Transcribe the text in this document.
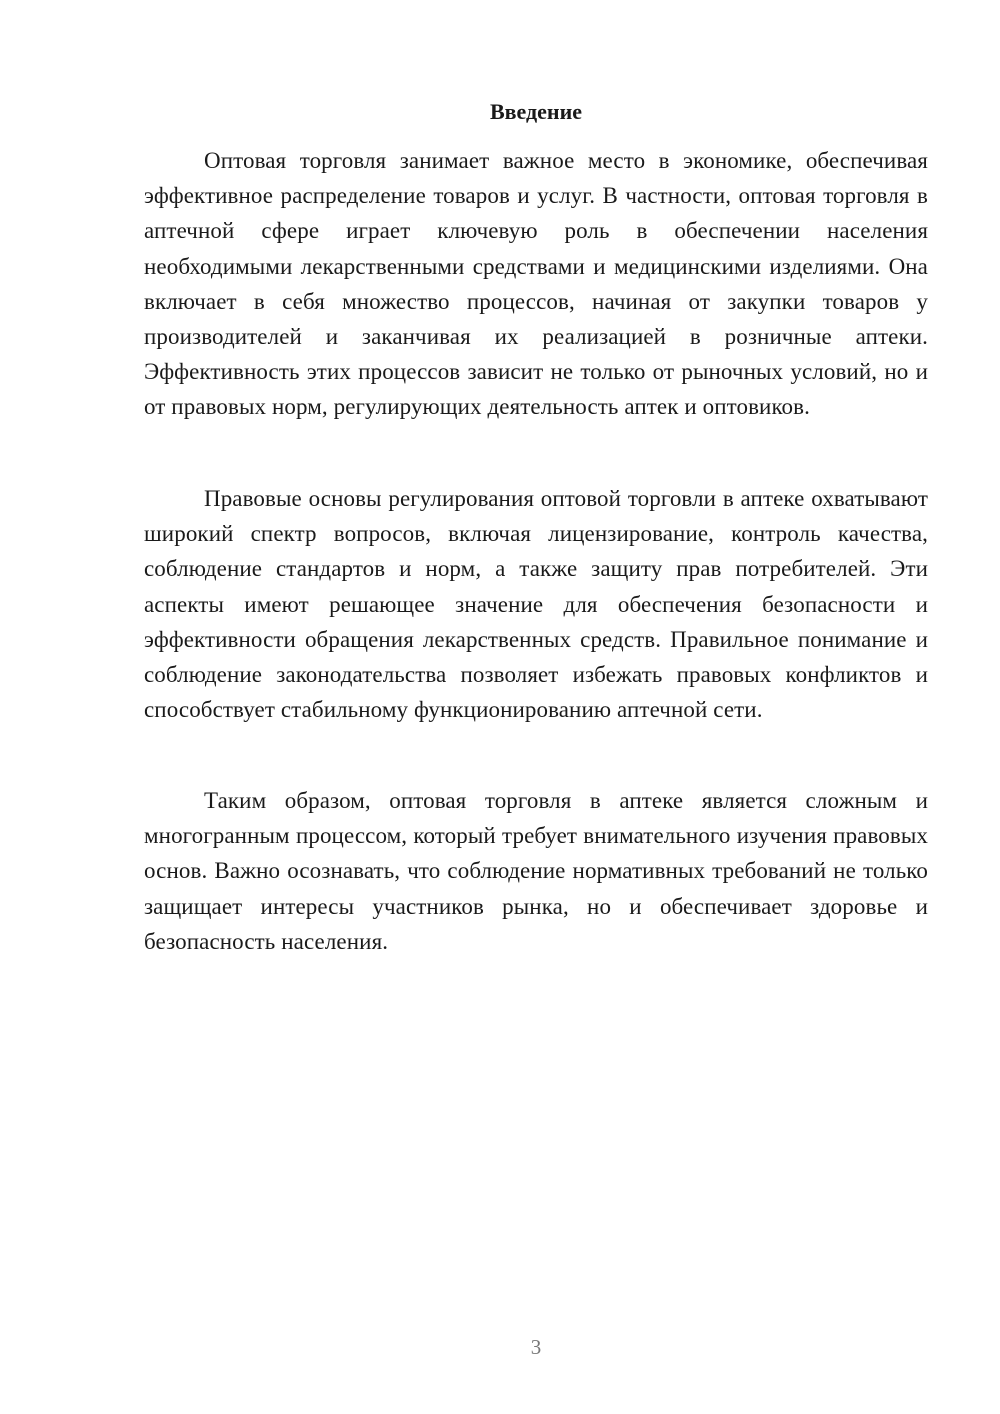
Введение

Оптовая торговля занимает важное место в экономике, обеспечивая эффективное распределение товаров и услуг. В частности, оптовая торговля в аптечной сфере играет ключевую роль в обеспечении населения необходимыми лекарственными средствами и медицинскими изделиями. Она включает в себя множество процессов, начиная от закупки товаров у производителей и заканчивая их реализацией в розничные аптеки. Эффективность этих процессов зависит не только от рыночных условий, но и от правовых норм, регулирующих деятельность аптек и оптовиков.

Правовые основы регулирования оптовой торговли в аптеке охватывают широкий спектр вопросов, включая лицензирование, контроль качества, соблюдение стандартов и норм, а также защиту прав потребителей. Эти аспекты имеют решающее значение для обеспечения безопасности и эффективности обращения лекарственных средств. Правильное понимание и соблюдение законодательства позволяет избежать правовых конфликтов и способствует стабильному функционированию аптечной сети.

Таким образом, оптовая торговля в аптеке является сложным и многогранным процессом, который требует внимательного изучения правовых основ. Важно осознавать, что соблюдение нормативных требований не только защищает интересы участников рынка, но и обеспечивает здоровье и безопасность населения.

3
